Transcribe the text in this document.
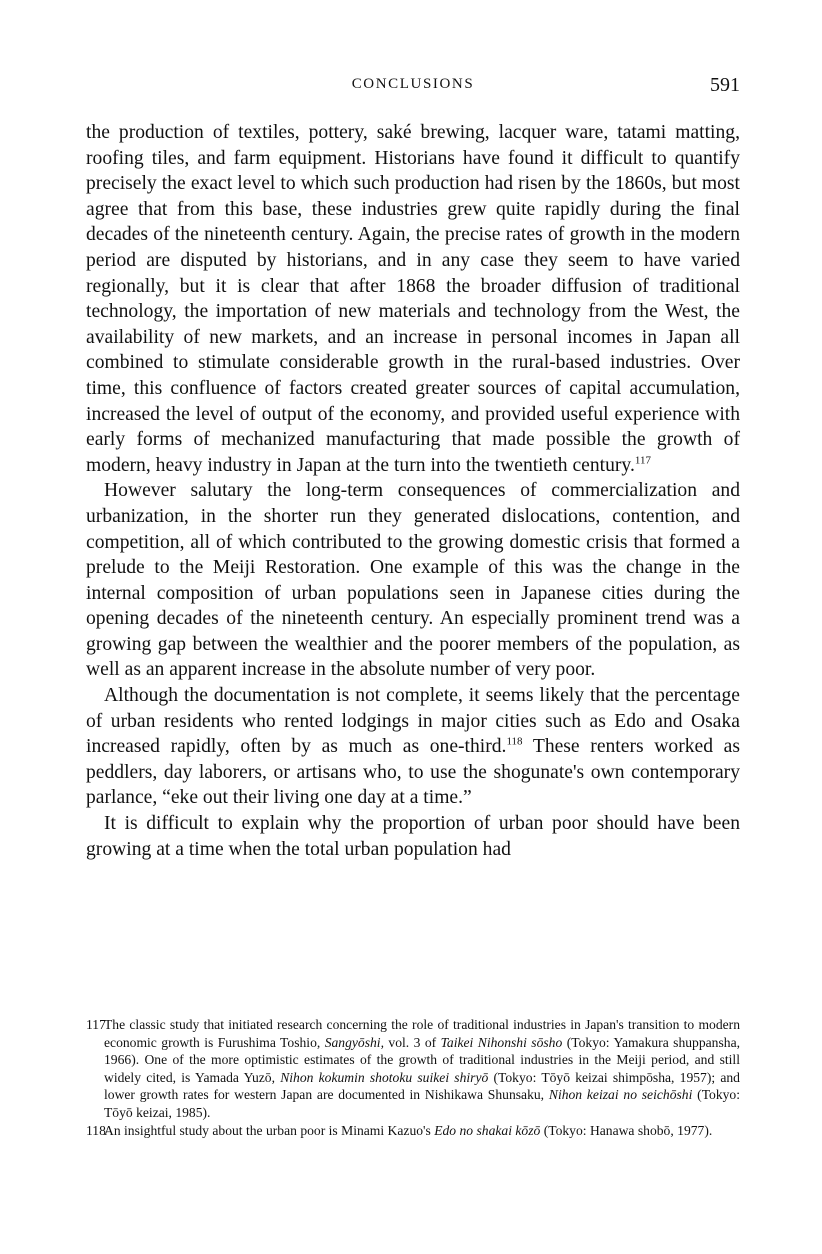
CONCLUSIONS	591

the production of textiles, pottery, saké brewing, lacquer ware, tatami matting, roofing tiles, and farm equipment. Historians have found it difficult to quantify precisely the exact level to which such production had risen by the 1860s, but most agree that from this base, these industries grew quite rapidly during the final decades of the nineteenth century. Again, the precise rates of growth in the modern period are disputed by historians, and in any case they seem to have varied regionally, but it is clear that after 1868 the broader diffusion of traditional technology, the importation of new materials and technology from the West, the availability of new markets, and an increase in personal incomes in Japan all combined to stimulate considerable growth in the rural-based industries. Over time, this confluence of factors created greater sources of capital accumulation, increased the level of output of the economy, and provided useful experience with early forms of mechanized manufacturing that made possible the growth of modern, heavy industry in Japan at the turn into the twentieth century.$^{117}$

However salutary the long-term consequences of commercialization and urbanization, in the shorter run they generated dislocations, contention, and competition, all of which contributed to the growing domestic crisis that formed a prelude to the Meiji Restoration. One example of this was the change in the internal composition of urban populations seen in Japanese cities during the opening decades of the nineteenth century. An especially prominent trend was a growing gap between the wealthier and the poorer members of the population, as well as an apparent increase in the absolute number of very poor.

Although the documentation is not complete, it seems likely that the percentage of urban residents who rented lodgings in major cities such as Edo and Osaka increased rapidly, often by as much as one-third.$^{118}$ These renters worked as peddlers, day laborers, or artisans who, to use the shogunate's own contemporary parlance, “eke out their living one day at a time.”

It is difficult to explain why the proportion of urban poor should have been growing at a time when the total urban population had

117The classic study that initiated research concerning the role of traditional industries in Japan's transition to modern economic growth is Furushima Toshio, Sangyōshi, vol. 3 of Taikei Nihonshi sōsho (Tokyo: Yamakura shuppansha, 1966). One of the more optimistic estimates of the growth of traditional industries in the Meiji period, and still widely cited, is Yamada Yuzō, Nihon kokumin shotoku suikei shiryō (Tokyo: Tōyō keizai shimpōsha, 1957); and lower growth rates for western Japan are documented in Nishikawa Shunsaku, Nihon keizai no seichōshi (Tokyo: Tōyō keizai, 1985).

118An insightful study about the urban poor is Minami Kazuo's Edo no shakai kōzō (Tokyo: Hanawa shobō, 1977).
